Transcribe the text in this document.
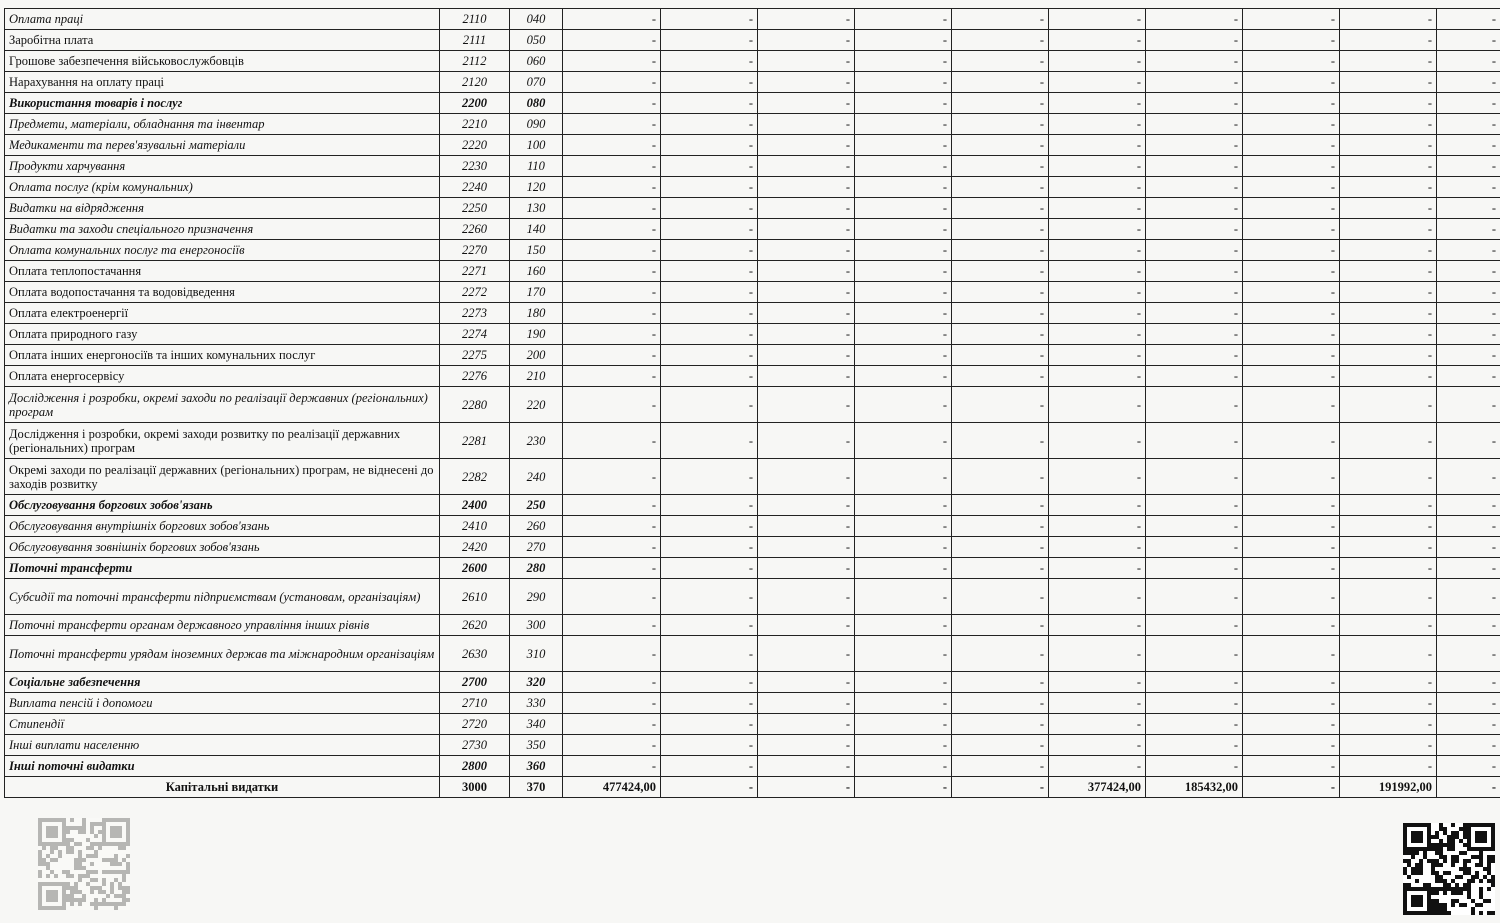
Оплата праці	2110	040	-	-	-	-	-	-	-	-	-	-
Заробітна плата	2111	050	-	-	-	-	-	-	-	-	-	-
Грошове забезпечення військовослужбовців	2112	060	-	-	-	-	-	-	-	-	-	-
Нарахування на оплату праці	2120	070	-	-	-	-	-	-	-	-	-	-
Використання товарів і послуг	2200	080	-	-	-	-	-	-	-	-	-	-
Предмети, матеріали, обладнання та інвентар	2210	090	-	-	-	-	-	-	-	-	-	-
Медикаменти та перев'язувальні матеріали	2220	100	-	-	-	-	-	-	-	-	-	-
Продукти харчування	2230	110	-	-	-	-	-	-	-	-	-	-
Оплата послуг (крім комунальних)	2240	120	-	-	-	-	-	-	-	-	-	-
Видатки на відрядження	2250	130	-	-	-	-	-	-	-	-	-	-
Видатки та заходи спеціального призначення	2260	140	-	-	-	-	-	-	-	-	-	-
Оплата комунальних послуг та енергоносіїв	2270	150	-	-	-	-	-	-	-	-	-	-
Оплата теплопостачання	2271	160	-	-	-	-	-	-	-	-	-	-
Оплата водопостачання та водовідведення	2272	170	-	-	-	-	-	-	-	-	-	-
Оплата електроенергії	2273	180	-	-	-	-	-	-	-	-	-	-
Оплата природного газу	2274	190	-	-	-	-	-	-	-	-	-	-
Оплата інших енергоносіїв та інших комунальних послуг	2275	200	-	-	-	-	-	-	-	-	-	-
Оплата енергосервісу	2276	210	-	-	-	-	-	-	-	-	-	-
Дослідження і розробки, окремі заходи по реалізації державних (регіональних) програм	2280	220	-	-	-	-	-	-	-	-	-	-
Дослідження і розробки, окремі заходи розвитку по реалізації державних (регіональних) програм	2281	230	-	-	-	-	-	-	-	-	-	-
Окремі заходи по реалізації державних (регіональних) програм, не віднесені до заходів розвитку	2282	240	-	-	-	-	-	-	-	-	-	-
Обслуговування боргових зобов'язань	2400	250	-	-	-	-	-	-	-	-	-	-
Обслуговування внутрішніх боргових зобов'язань	2410	260	-	-	-	-	-	-	-	-	-	-
Обслуговування зовнішніх боргових зобов'язань	2420	270	-	-	-	-	-	-	-	-	-	-
Поточні трансферти	2600	280	-	-	-	-	-	-	-	-	-	-
Субсидії та поточні трансферти підприємствам (установам, організаціям)	2610	290	-	-	-	-	-	-	-	-	-	-
Поточні трансферти органам державного управління інших рівнів	2620	300	-	-	-	-	-	-	-	-	-	-
Поточні трансферти урядам іноземних держав та міжнародним організаціям	2630	310	-	-	-	-	-	-	-	-	-	-
Соціальне забезпечення	2700	320	-	-	-	-	-	-	-	-	-	-
Виплата пенсій і допомоги	2710	330	-	-	-	-	-	-	-	-	-	-
Стипендії	2720	340	-	-	-	-	-	-	-	-	-	-
Інші виплати населенню	2730	350	-	-	-	-	-	-	-	-	-	-
Інші поточні видатки	2800	360	-	-	-	-	-	-	-	-	-	-
Капітальні видатки	3000	370	477424,00	-	-	-	-	377424,00	185432,00	-	191992,00	-
